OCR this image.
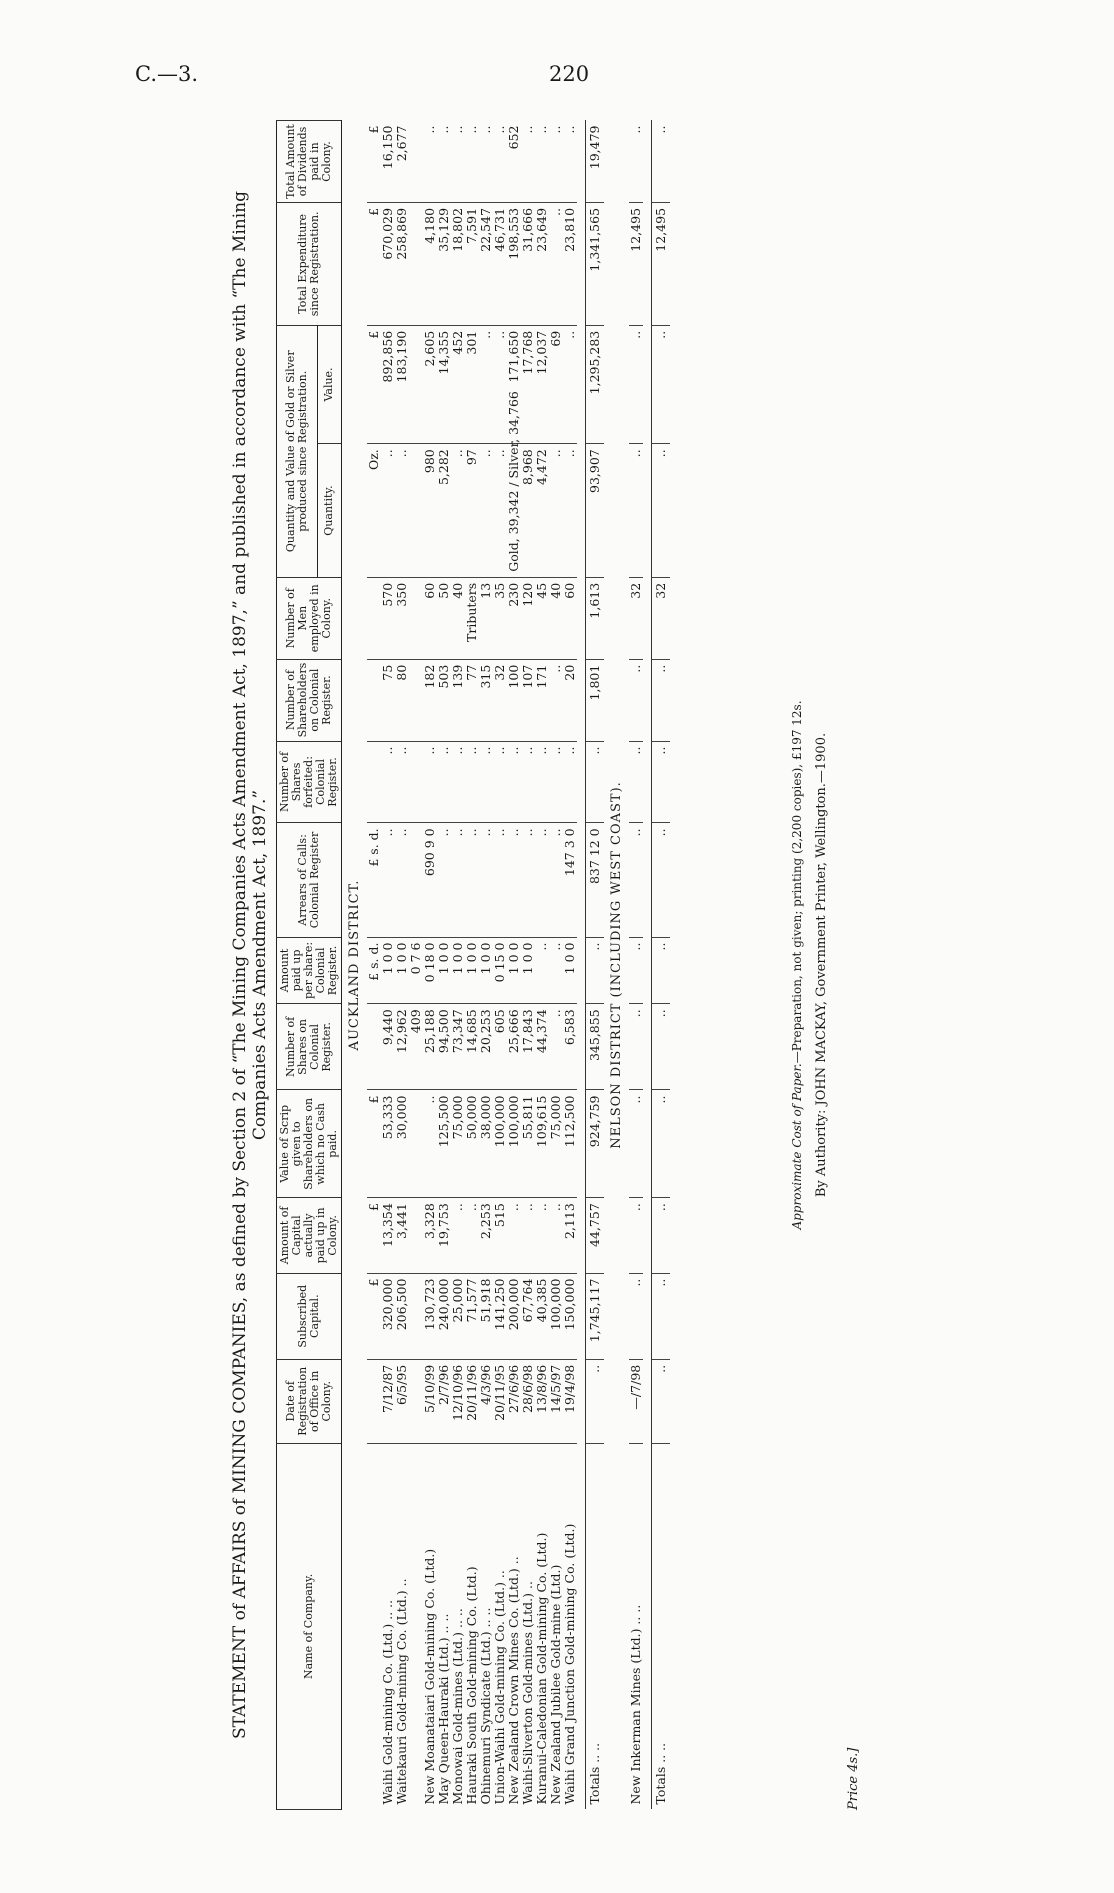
C.—3.	220
STATEMENT of AFFAIRS of MINING COMPANIES, as defined by Section 2 of “The Mining Companies Acts Amendment Act, 1897,” and published in accordance with “The Mining Companies Acts Amendment Act, 1897.”
Name of Company.	Date of Registration of Office in Colony.	Subscribed Capital.	Amount of Capital actually paid up in Colony.	Value of Scrip given to Shareholders on which no Cash paid.	Number of Shares on Colonial Register.	Amount paid up per share: Colonial Register.	Arrears of Calls: Colonial Register	Number of Shares forfeited: Colonial Register.	Number of Shareholders on Colonial Register.	Number of Men employed in Colony.	Quantity and Value of Gold or Silver produced since Registration.		Total Expenditure since Registration.	Total Amount of Dividends paid in Colony.
											Quantity.	Value.		
AUCKLAND DISTRICT.														
		£	£	£		£ s. d.	£ s. d.				Oz.	£	£	£
Waihi Gold-mining Co. (Ltd.) .. ..	7/12/87	320,000	13,354	53,333	9,440	1 0 0	..	..	75	570	..	892,856	670,029	16,150
Waitekauri Gold-mining Co. (Ltd.) ..	6/5/95	206,500	3,441	30,000	12,962	1 0 0	..	..	80	350	..	183,190	258,869	2,677
					409	0 7 6								
New Moanataiari Gold-mining Co. (Ltd.)	5/10/99	130,723	3,328	..	25,188	0 18 0	690 9 0	..	182	60	980	2,605	4,180	..
May Queen-Hauraki (Ltd.) .. ..	2/7/96	240,000	19,753	125,500	94,500	1 0 0	..	..	503	50	5,282	14,355	35,129	..
Monowai Gold-mines (Ltd.) .. ..	12/10/96	25,000	..	75,000	73,347	1 0 0	..	..	139	40	..	452	18,802	..
Hauraki South Gold-mining Co. (Ltd.)	20/11/96	71,577	..	50,000	14,685	1 0 0	..	..	77	Tributers	97	301	7,591	..
Ohinemuri Syndicate (Ltd.) .. ..	4/3/96	51,918	2,253	38,000	20,253	1 0 0	..	..	315	13	..	..	22,547	..
Union-Waihi Gold-mining Co. (Ltd.) ..	20/11/95	141,250	515	100,000	605	0 15 0	..	..	32	35	..	..	46,731	..
New Zealand Crown Mines Co. (Ltd.) ..	27/6/96	200,000	..	100,000	25,666	1 0 0	..	..	100	230	Gold, 39,342 / Silver, 34,766	171,650	198,553	652
Waihi-Silverton Gold-mines (Ltd.) ..	28/6/98	67,764	..	55,811	17,843	1 0 0	..	..	107	120	8,968	17,768	31,666	..
Kuranui-Caledonian Gold-mining Co. (Ltd.)	13/8/96	40,385	..	109,615	44,374	..	..	..	171	45	4,472	12,037	23,649	..
New Zealand Jubilee Gold-mine (Ltd.)	14/5/97	100,000	..	75,000	..	..	..	..	..	40	..	69	..	..
Waihi Grand Junction Gold-mining Co. (Ltd.)	19/4/98	150,000	2,113	112,500	6,583	1 0 0	147 3 0	..	20	60	..	..	23,810	..

Totals .. ..	..	1,745,117	44,757	924,759	345,855	..	837 12 0	..	1,801	1,613	93,907	1,295,283	1,341,565	19,479
NELSON DISTRICT (INCLUDING WEST COAST).														
New Inkerman Mines (Ltd.) .. ..	—/7/98	..	..	..	..	..	..	..	..	32	..	..	12,495	..

Totals .. ..	..	..	..	..	..	..	..	..	..	32	..	..	12,495	..
Approximate Cost of Paper.—Preparation, not given; printing (2,200 copies), £197 12s. By Authority: JOHN MACKAY, Government Printer, Wellington.—1900.
Price 4s.]
